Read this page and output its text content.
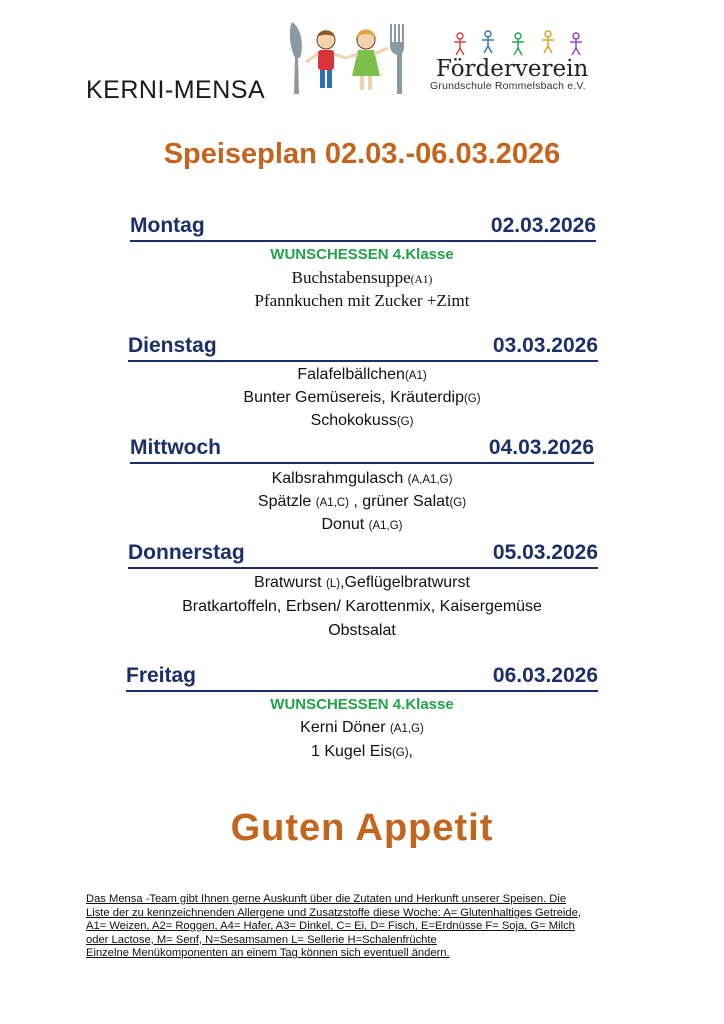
KERNI-MENSA
Förderverein
Grundschule Rommelsbach e.V.
Speiseplan 02.03.-06.03.2026
Montag	02.03.2026
WUNSCHESSEN 4.Klasse
Buchstabensuppe(A1)
Pfannkuchen mit Zucker +Zimt
Dienstag	03.03.2026
Falafelbällchen(A1)
Bunter Gemüsereis, Kräuterdip(G)
Schokokuss(G)
Mittwoch	04.03.2026
Kalbsrahmgulasch (A,A1,G)
Spätzle (A1,C) , grüner Salat(G)
Donut (A1,G)
Donnerstag	05.03.2026
Bratwurst (L),Geflügelbratwurst
Bratkartoffeln, Erbsen/ Karottenmix, Kaisergemüse
Obstsalat
Freitag	06.03.2026
WUNSCHESSEN 4.Klasse
Kerni Döner (A1,G)
1 Kugel Eis(G),
Guten Appetit
Das Mensa -Team gibt Ihnen gerne Auskunft über die Zutaten und Herkunft unserer Speisen. Die
Liste der zu kennzeichnenden Allergene und Zusatzstoffe diese Woche: A= Glutenhaltiges Getreide,
A1= Weizen, A2= Roggen, A4= Hafer, A3= Dinkel, C= Ei, D= Fisch, E=Erdnüsse F= Soja, G= Milch
oder Lactose, M= Senf, N=Sesamsamen L= Sellerie H=Schalenfrüchte
Einzelne Menükomponenten an einem Tag können sich eventuell ändern.
